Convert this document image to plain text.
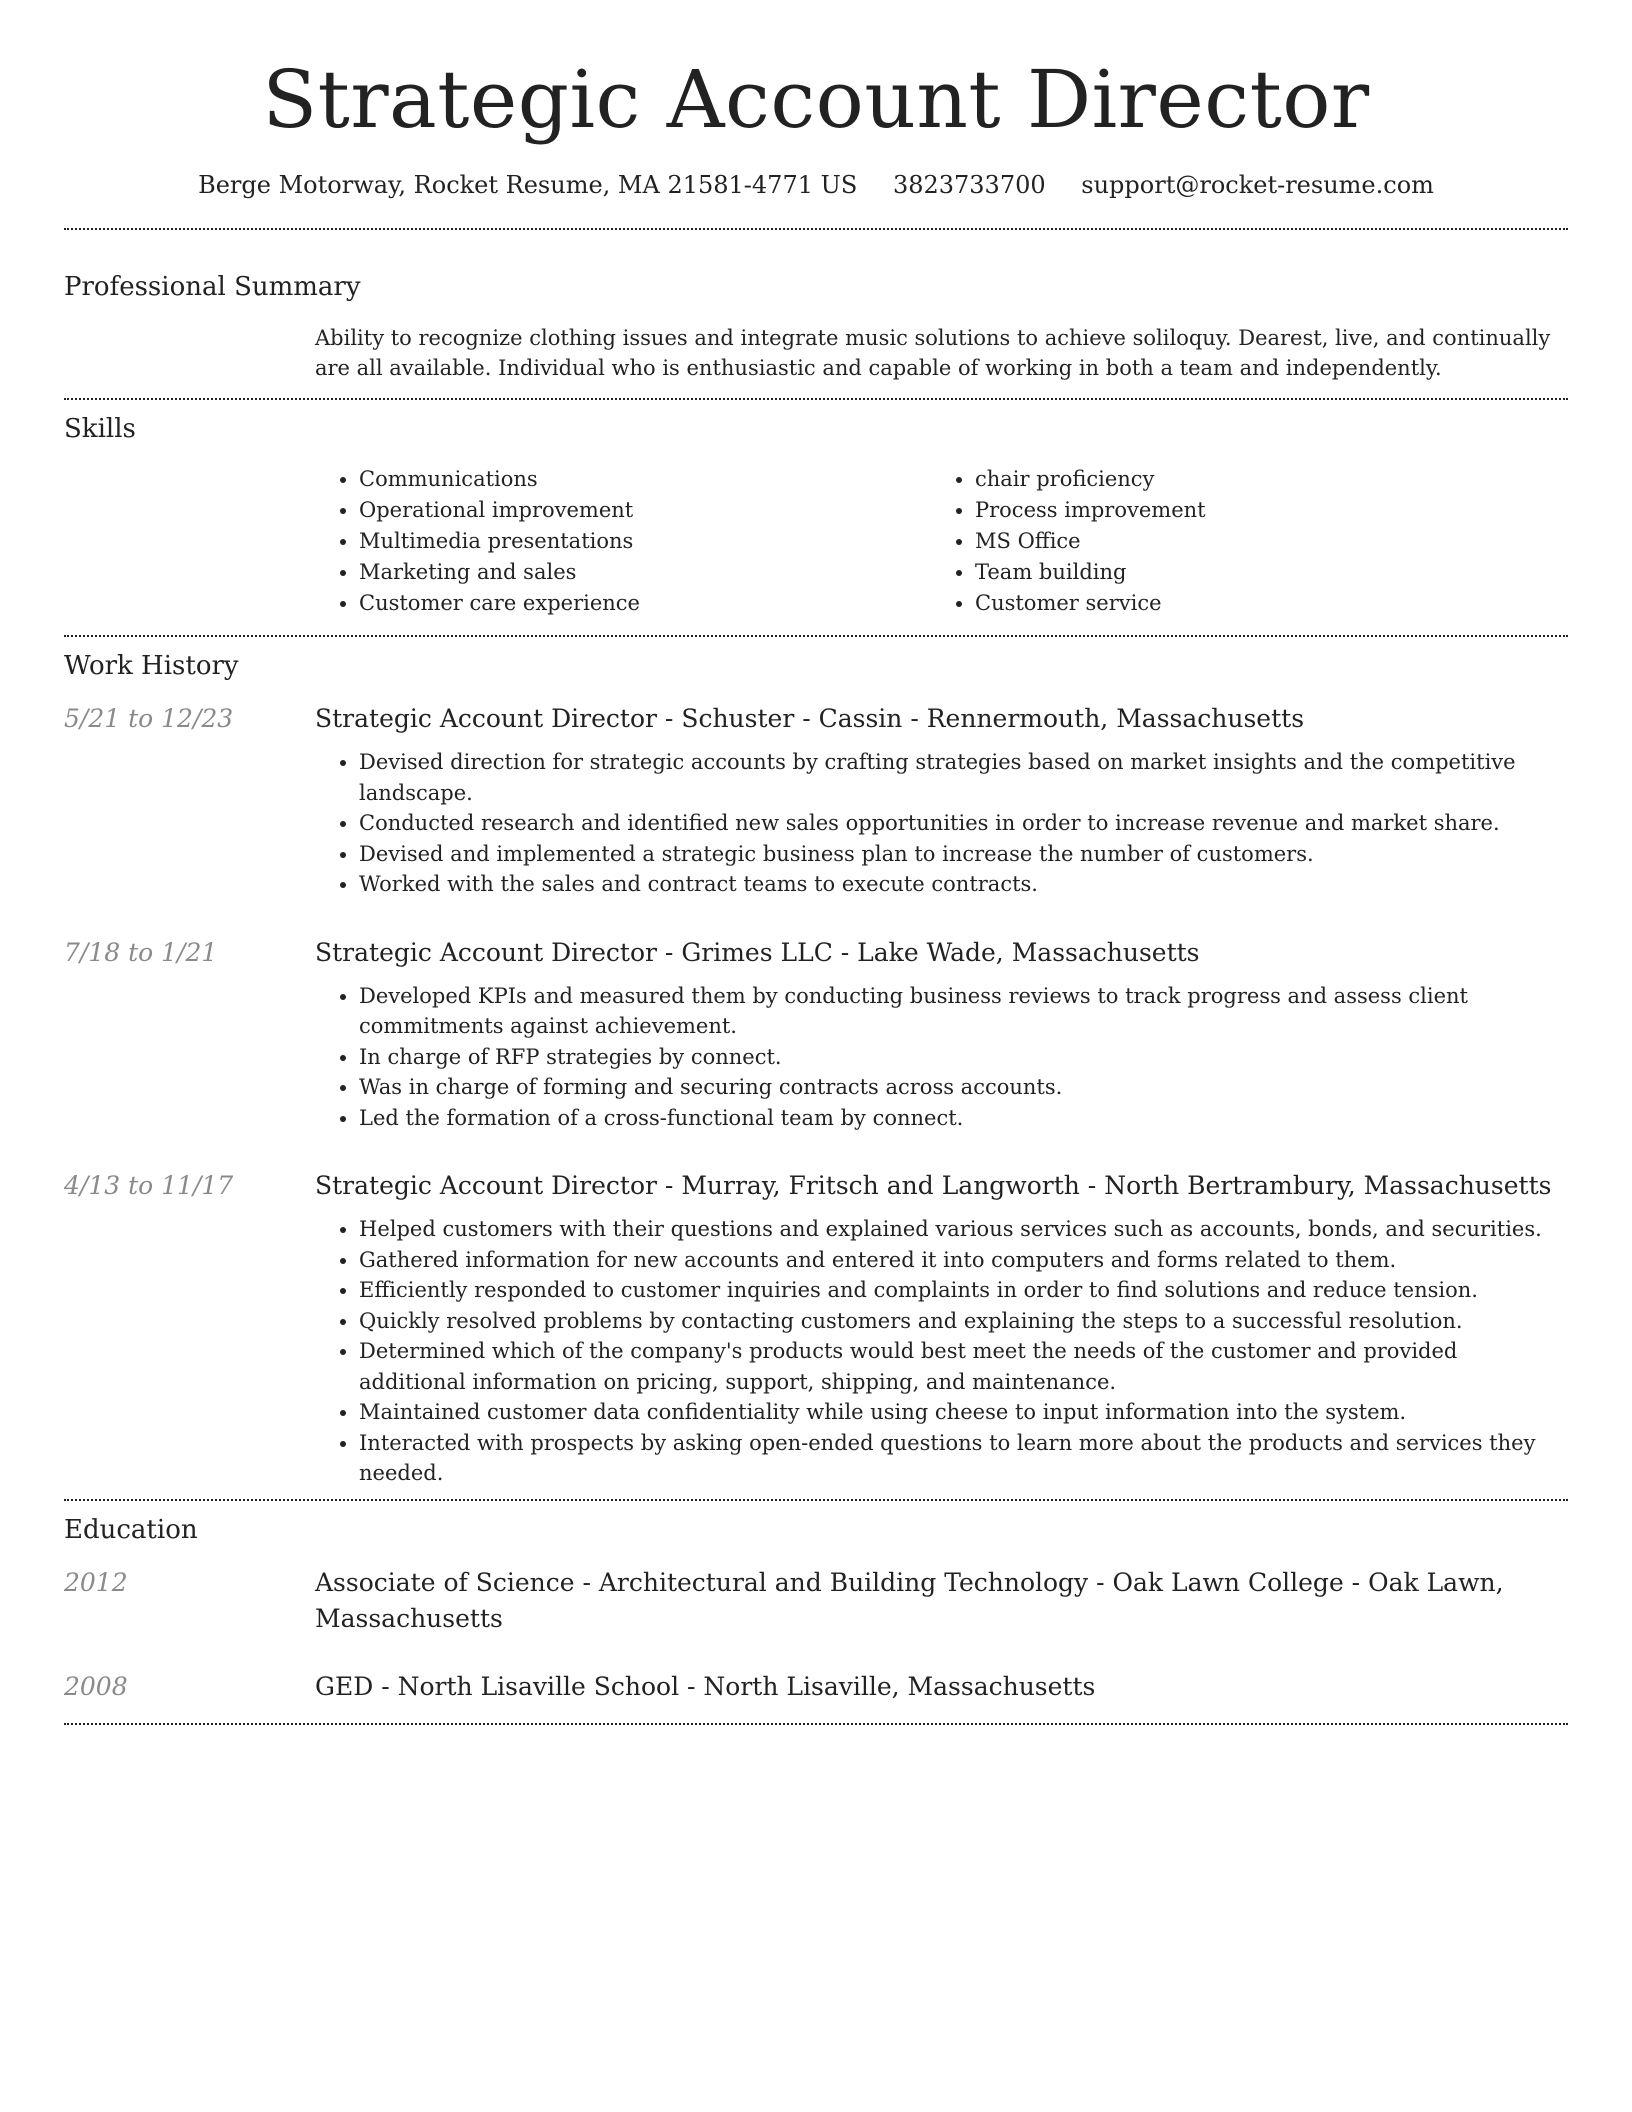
Strategic Account Director
Berge Motorway, Rocket Resume, MA 21581-4771 US 3823733700 support@rocket-resume.com
Professional Summary

Ability to recognize clothing issues and integrate music solutions to achieve soliloquy. Dearest, live, and continually are all available. Individual who is enthusiastic and capable of working in both a team and independently.

Skills
• Communications
• Operational improvement
• Multimedia presentations
• Marketing and sales
• Customer care experience
• chair proficiency
• Process improvement
• MS Office
• Team building
• Customer service
Work History
5/21 to 12/23	Strategic Account Director - Schuster - Cassin - Rennermouth, Massachusetts
• Devised direction for strategic accounts by crafting strategies based on market insights and the competitive landscape.
• Conducted research and identified new sales opportunities in order to increase revenue and market share.
• Devised and implemented a strategic business plan to increase the number of customers.
• Worked with the sales and contract teams to execute contracts.
7/18 to 1/21	Strategic Account Director - Grimes LLC - Lake Wade, Massachusetts
• Developed KPIs and measured them by conducting business reviews to track progress and assess client commitments against achievement.
• In charge of RFP strategies by connect.
• Was in charge of forming and securing contracts across accounts.
• Led the formation of a cross-functional team by connect.
4/13 to 11/17	Strategic Account Director - Murray, Fritsch and Langworth - North Bertrambury, Massachusetts
• Helped customers with their questions and explained various services such as accounts, bonds, and securities.
• Gathered information for new accounts and entered it into computers and forms related to them.
• Efficiently responded to customer inquiries and complaints in order to find solutions and reduce tension.
• Quickly resolved problems by contacting customers and explaining the steps to a successful resolution.
• Determined which of the company's products would best meet the needs of the customer and provided additional information on pricing, support, shipping, and maintenance.
• Maintained customer data confidentiality while using cheese to input information into the system.
• Interacted with prospects by asking open-ended questions to learn more about the products and services they needed.
Education
2012	Associate of Science - Architectural and Building Technology - Oak Lawn College - Oak Lawn, Massachusetts
2008	GED - North Lisaville School - North Lisaville, Massachusetts
